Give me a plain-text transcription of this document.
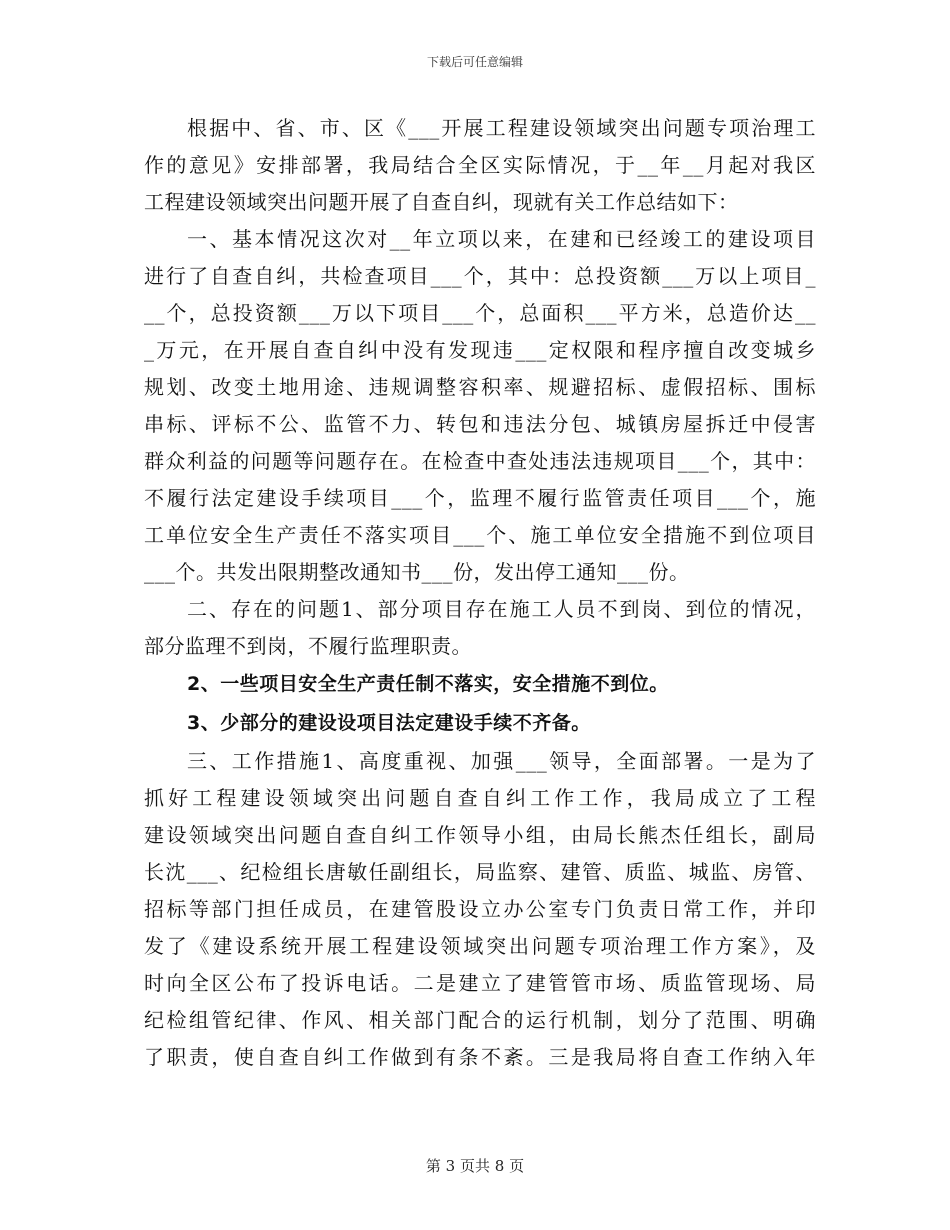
下载后可任意编辑
根据中、省、市、区《___开展工程建设领域突出问题专项治理工
作的意见》安排部署，我局结合全区实际情况，于__年__月起对我区
工程建设领域突出问题开展了自查自纠，现就有关工作总结如下：
一、基本情况这次对__年立项以来，在建和已经竣工的建设项目
进行了自查自纠，共检查项目___个，其中：总投资额___万以上项目_
__个，总投资额___万以下项目___个，总面积___平方米，总造价达__
_万元，在开展自查自纠中没有发现违___定权限和程序擅自改变城乡
规划、改变土地用途、违规调整容积率、规避招标、虚假招标、围标
串标、评标不公、监管不力、转包和违法分包、城镇房屋拆迁中侵害
群众利益的问题等问题存在。在检查中查处违法违规项目___个，其中：
不履行法定建设手续项目___个，监理不履行监管责任项目___个，施
工单位安全生产责任不落实项目___个、施工单位安全措施不到位项目
___个。共发出限期整改通知书___份，发出停工通知___份。
二、存在的问题1、部分项目存在施工人员不到岗、到位的情况，
部分监理不到岗，不履行监理职责。
2、一些项目安全生产责任制不落实，安全措施不到位。
3、少部分的建设设项目法定建设手续不齐备。
三、工作措施1、高度重视、加强___领导，全面部署。一是为了
抓好工程建设领域突出问题自查自纠工作工作，我局成立了工程
建设领域突出问题自查自纠工作领导小组，由局长熊杰任组长，副局
长沈___、纪检组长唐敏任副组长，局监察、建管、质监、城监、房管、
招标等部门担任成员，在建管股设立办公室专门负责日常工作，并印
发了《建设系统开展工程建设领域突出问题专项治理工作方案》，及
时向全区公布了投诉电话。二是建立了建管管市场、质监管现场、局
纪检组管纪律、作风、相关部门配合的运行机制，划分了范围、明确
了职责，使自查自纠工作做到有条不紊。三是我局将自查工作纳入年
第 3 页共 8 页
